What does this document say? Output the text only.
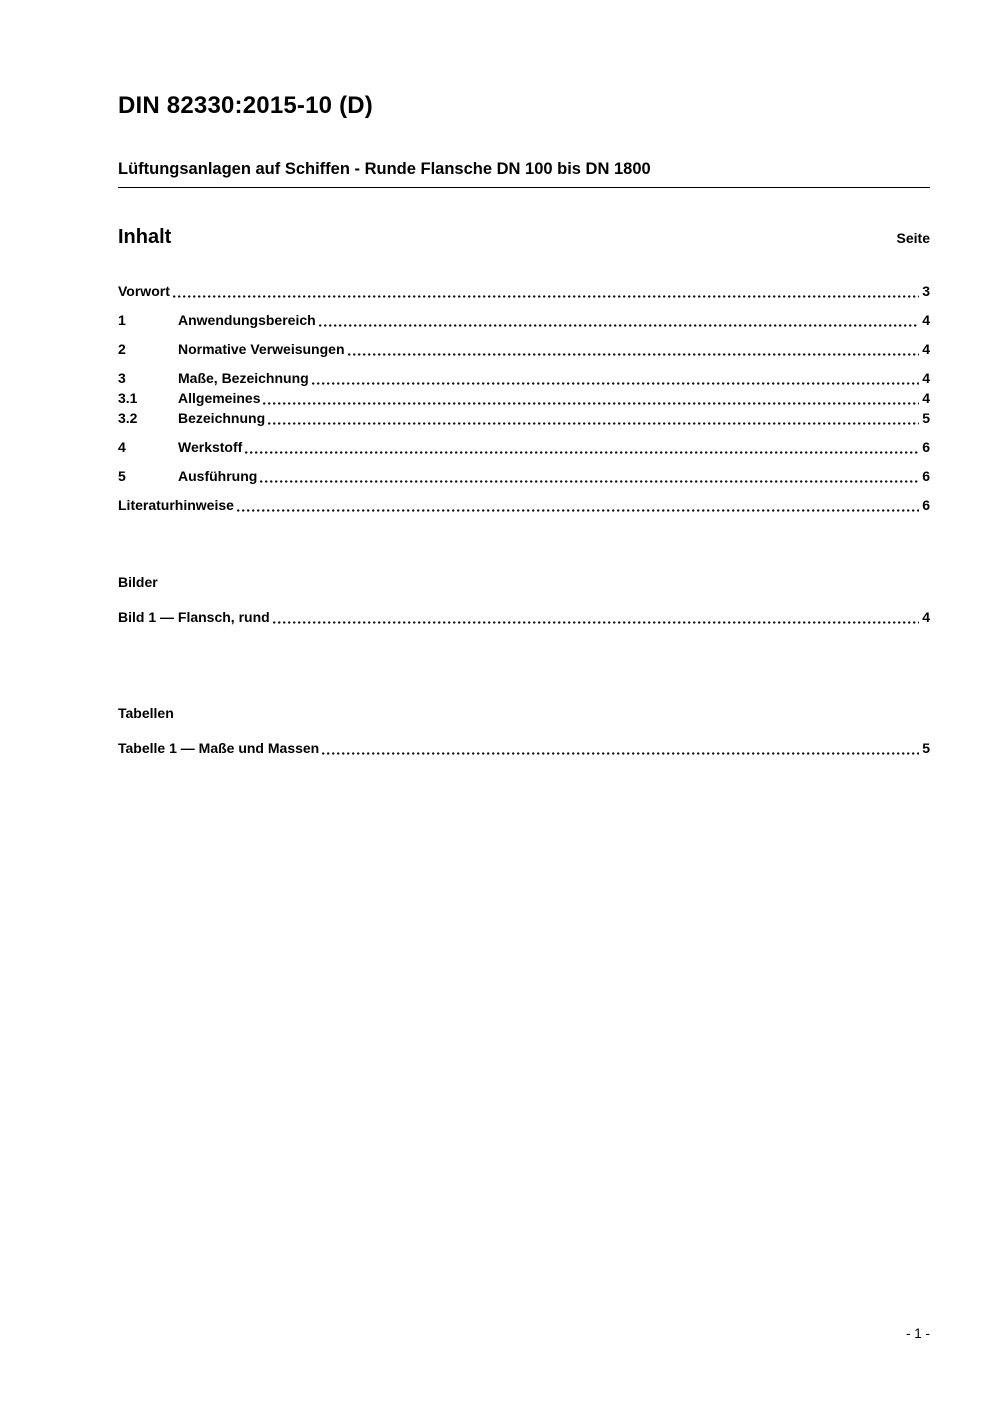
DIN 82330:2015-10 (D)
Lüftungsanlagen auf Schiffen - Runde Flansche DN 100 bis DN 1800
Inhalt	Seite
Vorwort	3
1	Anwendungsbereich	4
2	Normative Verweisungen	4
3	Maße, Bezeichnung	4
3.1	Allgemeines	4
3.2	Bezeichnung	5
4	Werkstoff	6
5	Ausführung	6
Literaturhinweise	6
Bilder
Bild 1 — Flansch, rund	4
Tabellen
Tabelle 1 — Maße und Massen	5
- 1 -
